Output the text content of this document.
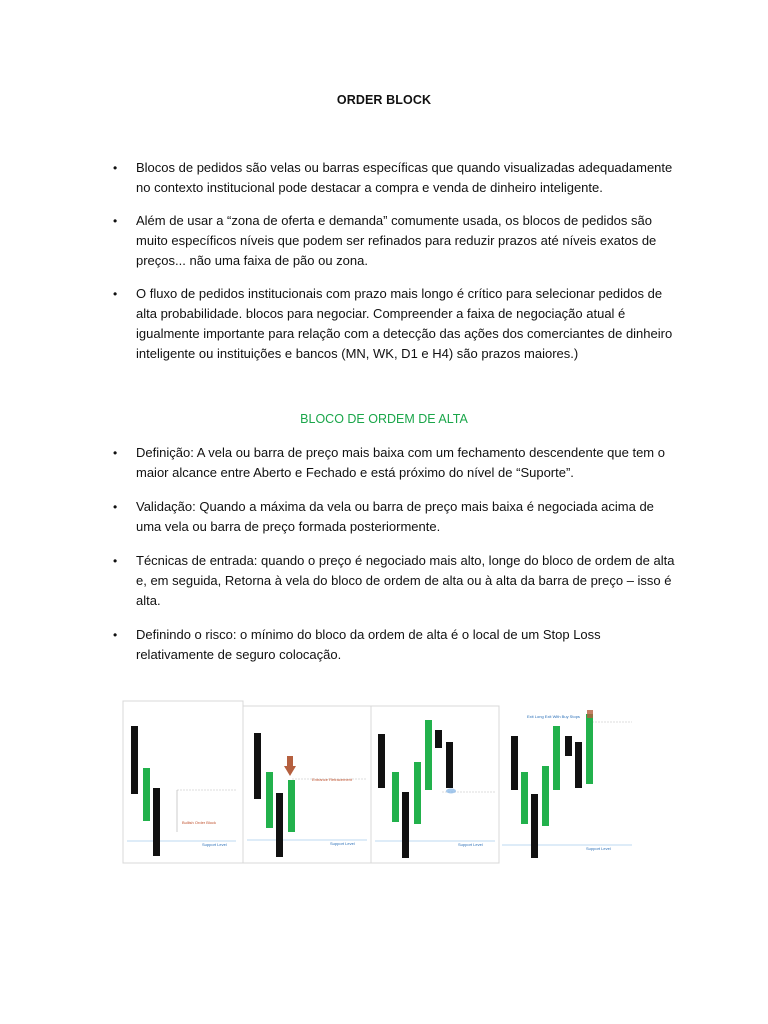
ORDER BLOCK
• Blocos de pedidos são velas ou barras específicas que quando visualizadas adequadamente no contexto institucional pode destacar a compra e venda de dinheiro inteligente.
• Além de usar a “zona de oferta e demanda” comumente usada, os blocos de pedidos são muito específicos níveis que podem ser refinados para reduzir prazos até níveis exatos de preços... não uma faixa de pão ou zona.
• O fluxo de pedidos institucionais com prazo mais longo é crítico para selecionar pedidos de alta probabilidade. blocos para negociar. Compreender a faixa de negociação atual é igualmente importante para relação com a detecção das ações dos comerciantes de dinheiro inteligente ou instituições e bancos (MN, WK, D1 e H4) são prazos maiores.)
BLOCO DE ORDEM DE ALTA
• Definição: A vela ou barra de preço mais baixa com um fechamento descendente que tem o maior alcance entre Aberto e Fechado e está próximo do nível de “Suporte”.
• Validação: Quando a máxima da vela ou barra de preço mais baixa é negociada acima de uma vela ou barra de preço formada posteriormente.
• Técnicas de entrada: quando o preço é negociado mais alto, longe do bloco de ordem de alta e, em seguida, Retorna à vela do bloco de ordem de alta ou à alta da barra de preço – isso é alta.
• Definindo o risco: o mínimo do bloco da ordem de alta é o local de um Stop Loss relativamente de seguro colocação.
Bullish Order Block
Support Level
Entrance Retracement
Support Level	Support Level
Exit Long Exit With Buy Stops
Support Level
